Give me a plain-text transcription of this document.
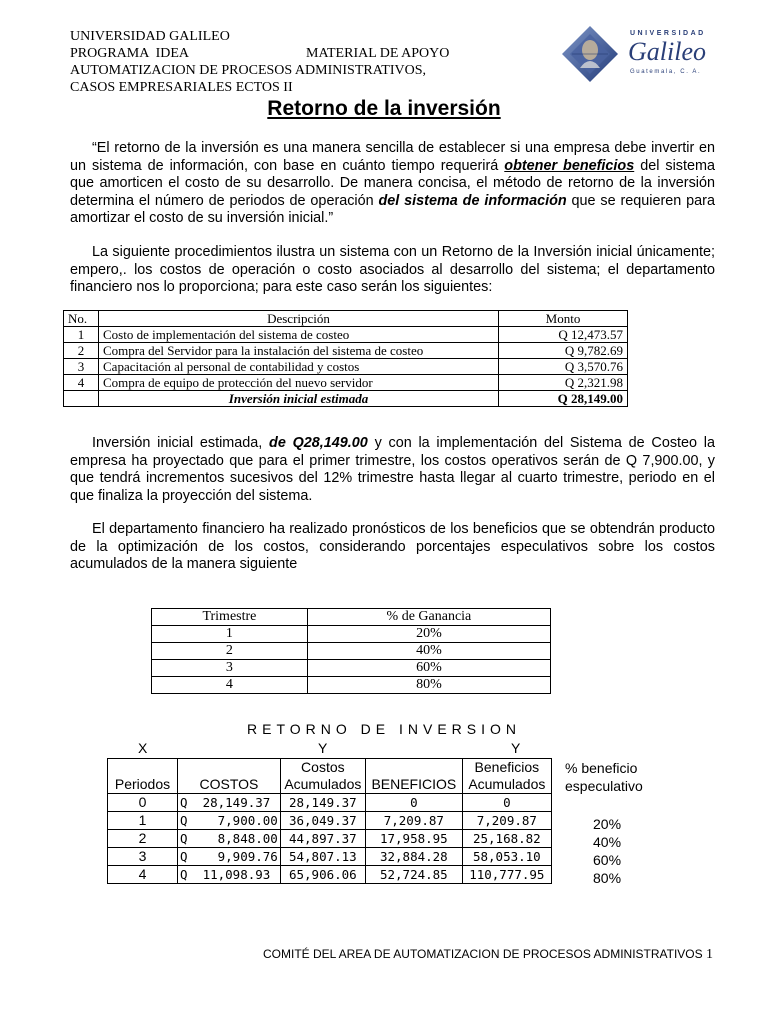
UNIVERSIDAD GALILEO
PROGRAMA  IDEA	MATERIAL DE APOYO
AUTOMATIZACION DE PROCESOS ADMINISTRATIVOS,
CASOS EMPRESARIALES ECTOS II
UNIVERSIDAD
Galileo
Guatemala, C. A.
Retorno de la inversión
“El retorno de la inversión es una manera sencilla de establecer si una empresa debe invertir en un sistema de información, con base en cuánto tiempo requerirá obtener beneficios del sistema que amorticen el costo de su desarrollo. De manera concisa, el método de retorno de la inversión determina el número de periodos de operación del sistema de información que se requieren para amortizar el costo de su inversión inicial.”
La siguiente procedimientos ilustra un sistema con un Retorno de la Inversión inicial únicamente; empero,. los costos de operación o costo asociados al desarrollo del sistema; el departamento financiero nos lo proporciona; para este caso serán los siguientes:
No.	Descripción	Monto
1	Costo de implementación del sistema de costeo	Q 12,473.57
2	Compra del Servidor para la instalación del sistema de costeo	Q 9,782.69
3	Capacitación al personal de contabilidad y costos	Q 3,570.76
4	Compra de equipo de protección del nuevo servidor	Q 2,321.98
	Inversión inicial estimada	Q 28,149.00
Inversión inicial estimada, de Q28,149.00 y con la implementación del Sistema de Costeo la empresa ha proyectado que para el primer trimestre, los costos operativos serán de Q 7,900.00, y que tendrá incrementos sucesivos del 12% trimestre hasta llegar al cuarto trimestre, periodo en el que finaliza la proyección del sistema.
El departamento financiero ha realizado pronósticos de los beneficios que se obtendrán producto de la optimización de los costos, considerando porcentajes especulativos sobre los costos acumulados de la manera siguiente
Trimestre	% de Ganancia
1	20%
2	40%
3	60%
4	80%
RETORNO DE INVERSION
X	Y	Y
		Costos		Beneficios
Periodos	COSTOS	Acumulados	BENEFICIOS	Acumulados
0	Q  28,149.37	28,149.37	0	0
1	Q    7,900.00	36,049.37	7,209.87	7,209.87
2	Q    8,848.00	44,897.37	17,958.95	25,168.82
3	Q    9,909.76	54,807.13	32,884.28	58,053.10
4	Q  11,098.93	65,906.06	52,724.85	110,777.95
% beneficio
especulativo
20%
40%
60%
80%
COMITÉ DEL AREA DE AUTOMATIZACION DE PROCESOS ADMINISTRATIVOS 1
